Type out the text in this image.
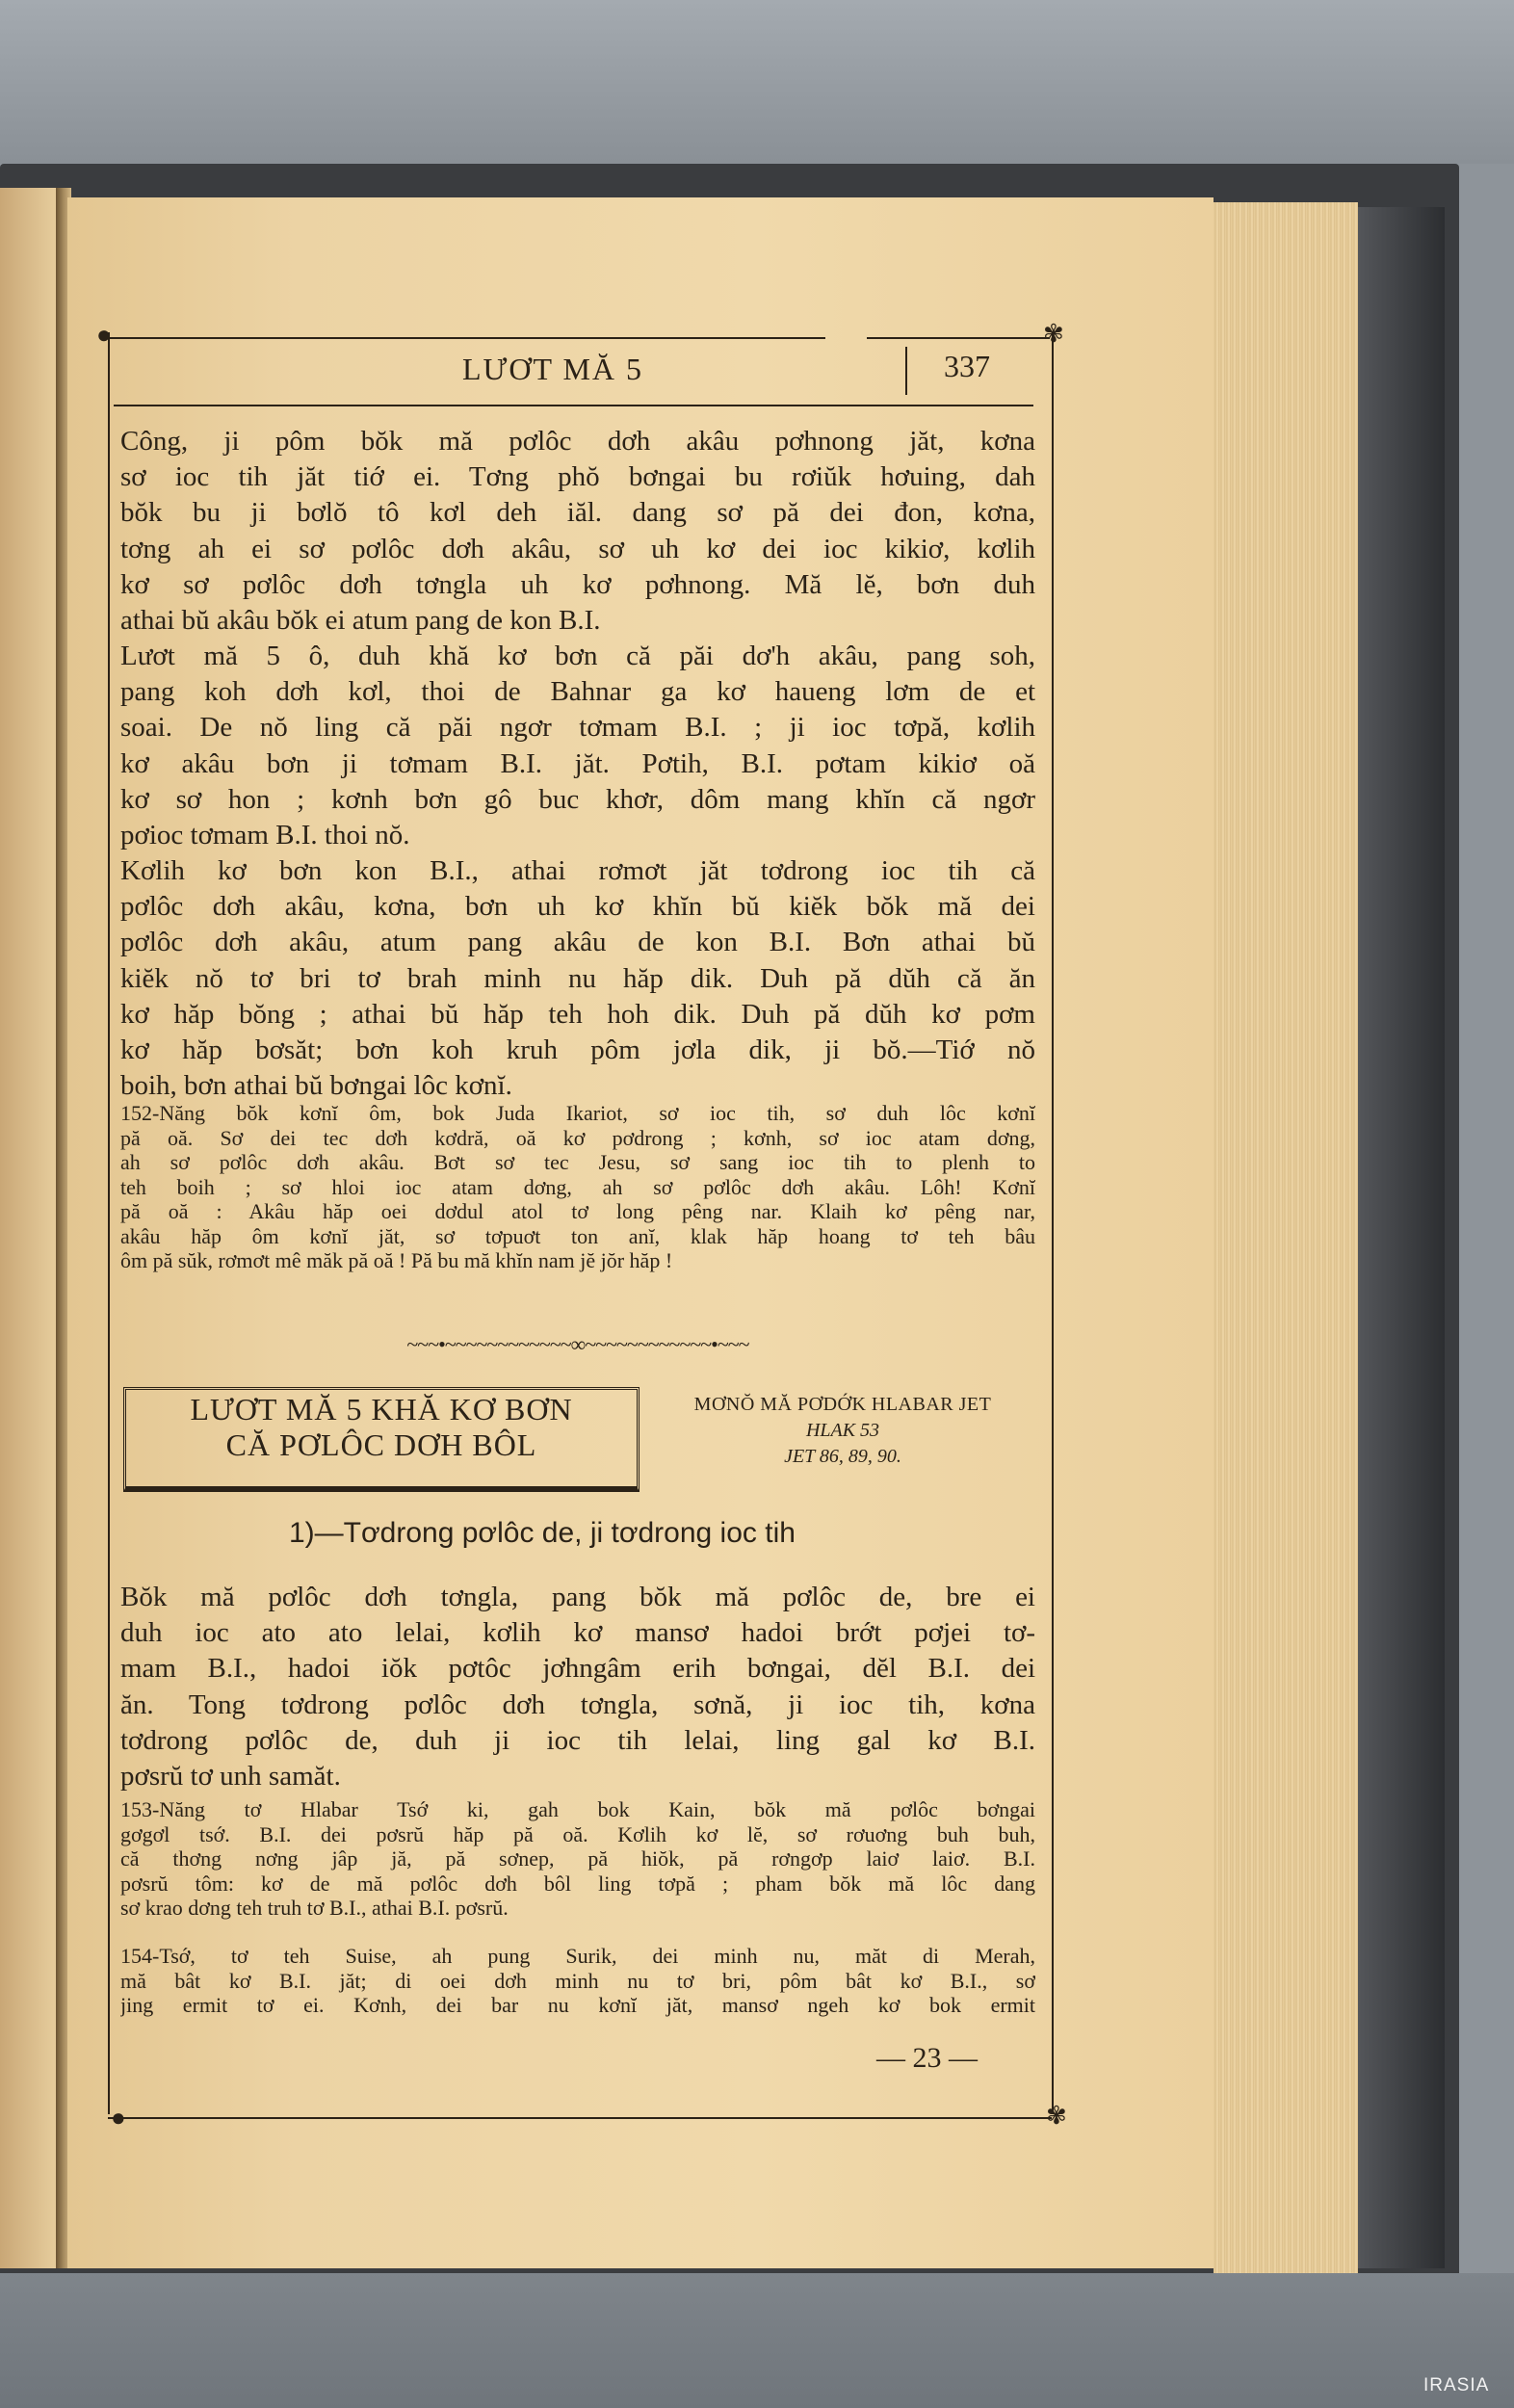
●	✾
●	✾
LƯƠT MĂ 5	337
Công, ji pôm bŏk mă pơlôc dơh akâu pơhnong jăt, kơna
sơ ioc tih jăt tiớ ei. Tơng phŏ bơngai bu rơiŭk hơuing, dah
bŏk bu ji bơlŏ tô kơl deh iăl. dang sơ pă dei đon, kơna,
tơng ah ei sơ pơlôc dơh akâu, sơ uh kơ dei ioc kikiơ, kơlih
kơ sơ pơlôc dơh tơngla uh kơ pơhnong. Mă lĕ, bơn duh
athai bŭ akâu bŏk ei atum pang de kon B.I.
Lươt mă 5 ô, duh khă kơ bơn că păi dơ'h akâu, pang soh,
pang koh dơh kơl, thoi de Bahnar ga kơ haueng lơm de et
soai. De nŏ ling că păi ngơr tơmam B.I. ; ji ioc tơpă, kơlih
kơ akâu bơn ji tơmam B.I. jăt. Pơtih, B.I. pơtam kikiơ oă
kơ sơ hon ; kơnh bơn gô buc khơr, dôm mang khĭn că ngơr
pơioc tơmam B.I. thoi nŏ.
Kơlih kơ bơn kon B.I., athai rơmơt jăt tơdrong ioc tih că
pơlôc dơh akâu, kơna, bơn uh kơ khĭn bŭ kiĕk bŏk mă dei
pơlôc dơh akâu, atum pang akâu de kon B.I. Bơn athai bŭ
kiĕk nŏ tơ bri tơ brah minh nu hăp dik. Duh pă dŭh că ăn
kơ hăp bŏng ; athai bŭ hăp teh hoh dik. Duh pă dŭh kơ pơm
kơ hăp bơsăt; bơn koh kruh pôm jơla dik, ji bŏ.—Tiớ nŏ
boih, bơn athai bŭ bơngai lôc kơnĭ.
152-Năng bŏk kơnĭ ôm, bok Juda Ikariot, sơ ioc tih, sơ duh lôc kơnĭ
pă oă. Sơ dei tec dơh kơdră, oă kơ pơdrong ; kơnh, sơ ioc atam dơng,
ah sơ pơlôc dơh akâu. Bơt sơ tec Jesu, sơ sang ioc tih to plenh to
teh boih ; sơ hloi ioc atam dơng, ah sơ pơlôc dơh akâu. Lôh! Kơnĭ
pă oă : Akâu hăp oei dơdul atol tơ long pêng nar. Klaih kơ pêng nar,
akâu hăp ôm kơnĭ jăt, sơ tơpuơt ton anĭ, klak hăp hoang tơ teh bâu
ôm pă sŭk, rơmơt mê măk pă oă ! Pă bu mă khĭn nam jĕ jŏr hăp !
~~~•~~~~~~~~~~~~∞~~~~~~~~~~~~•~~~
LƯƠT MĂ 5 KHĂ KƠ BƠN
CĂ PƠLÔC DƠH BÔL
MƠNŎ MĂ PƠDỚK HLABAR JET
HLAK 53
JET 86, 89, 90.
1)—Tơdrong pơlôc de, ji tơdrong ioc tih
Bŏk mă pơlôc dơh tơngla, pang bŏk mă pơlôc de, bre ei
duh ioc ato ato lelai, kơlih kơ mansơ hadoi brớt pơjei tơ-
mam B.I., hadoi iŏk pơtôc jơhngâm erih bơngai, dĕl B.I. dei
ăn. Tong tơdrong pơlôc dơh tơngla, sơnă, ji ioc tih, kơna
tơdrong pơlôc de, duh ji ioc tih lelai, ling gal kơ B.I.
pơsrŭ tơ unh samăt.
153-Năng tơ Hlabar Tsớ ki, gah bok Kain, bŏk mă pơlôc bơngai
gơgơl tsớ. B.I. dei pơsrŭ hăp pă oă. Kơlih kơ lĕ, sơ rơuơng buh buh,
că thơng nơng jâp jă, pă sơnep, pă hiŏk, pă rơngơp laiơ laiơ. B.I.
pơsrŭ tôm: kơ de mă pơlôc dơh bôl ling tơpă ; pham bŏk mă lôc dang
sơ krao dơng teh truh tơ B.I., athai B.I. pơsrŭ.
154-Tsớ, tơ teh Suise, ah pung Surik, dei minh nu, măt di Merah,
mă bât kơ B.I. jăt; di oei dơh minh nu tơ bri, pôm bât kơ B.I., sơ
jing ermit tơ ei. Kơnh, dei bar nu kơnĭ jăt, mansơ ngeh kơ bok ermit
— 23 —
IRASIA
